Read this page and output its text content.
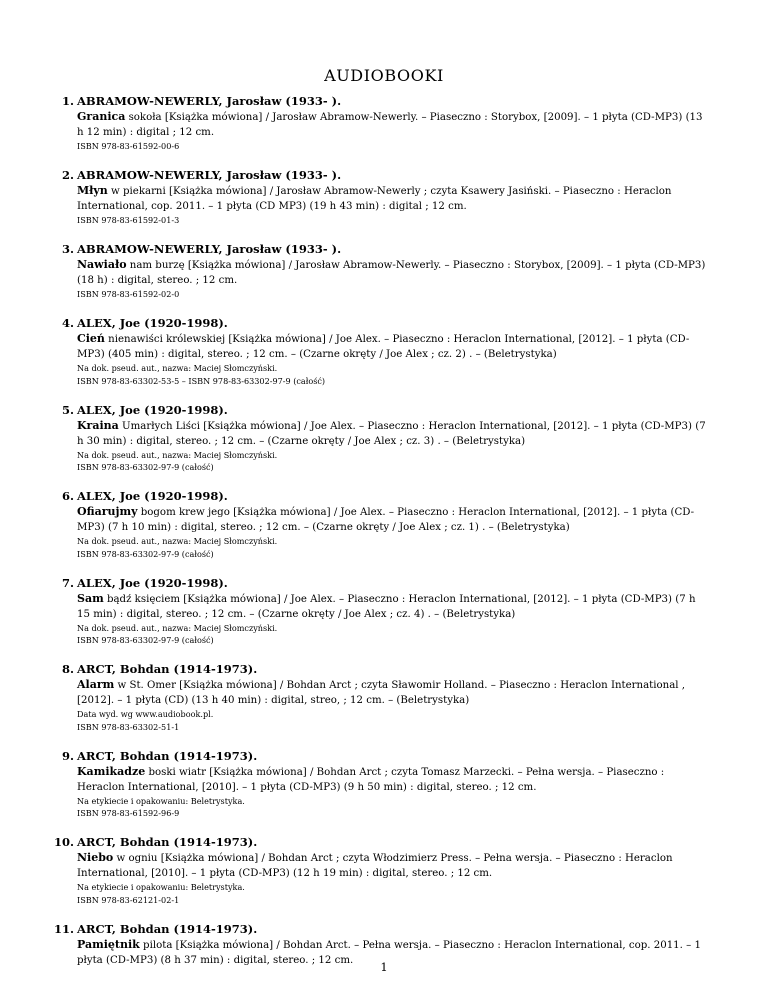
AUDIOBOOKI
1. ABRAMOW-NEWERLY, Jarosław (1933- ).
Granica sokoła [Książka mówiona] / Jarosław Abramow-Newerly. – Piaseczno : Storybox, [2009]. – 1 płyta (CD-MP3) (13 h 12 min) : digital ; 12 cm.
ISBN 978-83-61592-00-6
2. ABRAMOW-NEWERLY, Jarosław (1933- ).
Młyn w piekarni [Książka mówiona] / Jarosław Abramow-Newerly ; czyta Ksawery Jasiński. – Piaseczno : Heraclon International, cop. 2011. – 1 płyta (CD MP3) (19 h 43 min) : digital ; 12 cm.
ISBN 978-83-61592-01-3
3. ABRAMOW-NEWERLY, Jarosław (1933- ).
Nawiało nam burzę [Książka mówiona] / Jarosław Abramow-Newerly. – Piaseczno : Storybox, [2009]. – 1 płyta (CD-MP3) (18 h) : digital, stereo. ; 12 cm.
ISBN 978-83-61592-02-0
4. ALEX, Joe (1920-1998).
Cień nienawiści królewskiej [Książka mówiona] / Joe Alex. – Piaseczno : Heraclon International, [2012]. – 1 płyta (CD-MP3) (405 min) : digital, stereo. ; 12 cm. – (Czarne okręty / Joe Alex ; cz. 2) . – (Beletrystyka)
Na dok. pseud. aut., nazwa: Maciej Słomczyński.
ISBN 978-83-63302-53-5 – ISBN 978-83-63302-97-9 (całość)
5. ALEX, Joe (1920-1998).
Kraina Umarłych Liści [Książka mówiona] / Joe Alex. – Piaseczno : Heraclon International, [2012]. – 1 płyta (CD-MP3) (7 h 30 min) : digital, stereo. ; 12 cm. – (Czarne okręty / Joe Alex ; cz. 3) . – (Beletrystyka)
Na dok. pseud. aut., nazwa: Maciej Słomczyński.
ISBN 978-83-63302-97-9 (całość)
6. ALEX, Joe (1920-1998).
Ofiarujmy bogom krew jego [Książka mówiona] / Joe Alex. – Piaseczno : Heraclon International, [2012]. – 1 płyta (CD-MP3) (7 h 10 min) : digital, stereo. ; 12 cm. – (Czarne okręty / Joe Alex ; cz. 1) . – (Beletrystyka)
Na dok. pseud. aut., nazwa: Maciej Słomczyński.
ISBN 978-83-63302-97-9 (całość)
7. ALEX, Joe (1920-1998).
Sam bądź księciem [Książka mówiona] / Joe Alex. – Piaseczno : Heraclon International, [2012]. – 1 płyta (CD-MP3) (7 h 15 min) : digital, stereo. ; 12 cm. – (Czarne okręty / Joe Alex ; cz. 4) . – (Beletrystyka)
Na dok. pseud. aut., nazwa: Maciej Słomczyński.
ISBN 978-83-63302-97-9 (całość)
8. ARCT, Bohdan (1914-1973).
Alarm w St. Omer [Książka mówiona] / Bohdan Arct ; czyta Sławomir Holland. – Piaseczno : Heraclon International , [2012]. – 1 płyta (CD) (13 h 40 min) : digital, streo, ; 12 cm. – (Beletrystyka)
Data wyd. wg www.audiobook.pl.
ISBN 978-83-63302-51-1
9. ARCT, Bohdan (1914-1973).
Kamikadze boski wiatr [Książka mówiona] / Bohdan Arct ; czyta Tomasz Marzecki. – Pełna wersja. – Piaseczno : Heraclon International, [2010]. – 1 płyta (CD-MP3) (9 h 50 min) : digital, stereo. ; 12 cm.
Na etykiecie i opakowaniu: Beletrystyka.
ISBN 978-83-61592-96-9
10. ARCT, Bohdan (1914-1973).
Niebo w ogniu [Książka mówiona] / Bohdan Arct ; czyta Włodzimierz Press. – Pełna wersja. – Piaseczno : Heraclon International, [2010]. – 1 płyta (CD-MP3) (12 h 19 min) : digital, stereo. ; 12 cm.
Na etykiecie i opakowaniu: Beletrystyka.
ISBN 978-83-62121-02-1
11. ARCT, Bohdan (1914-1973).
Pamiętnik pilota [Książka mówiona] / Bohdan Arct. – Pełna wersja. – Piaseczno : Heraclon International, cop. 2011. – 1 płyta (CD-MP3) (8 h 37 min) : digital, stereo. ; 12 cm.	1
